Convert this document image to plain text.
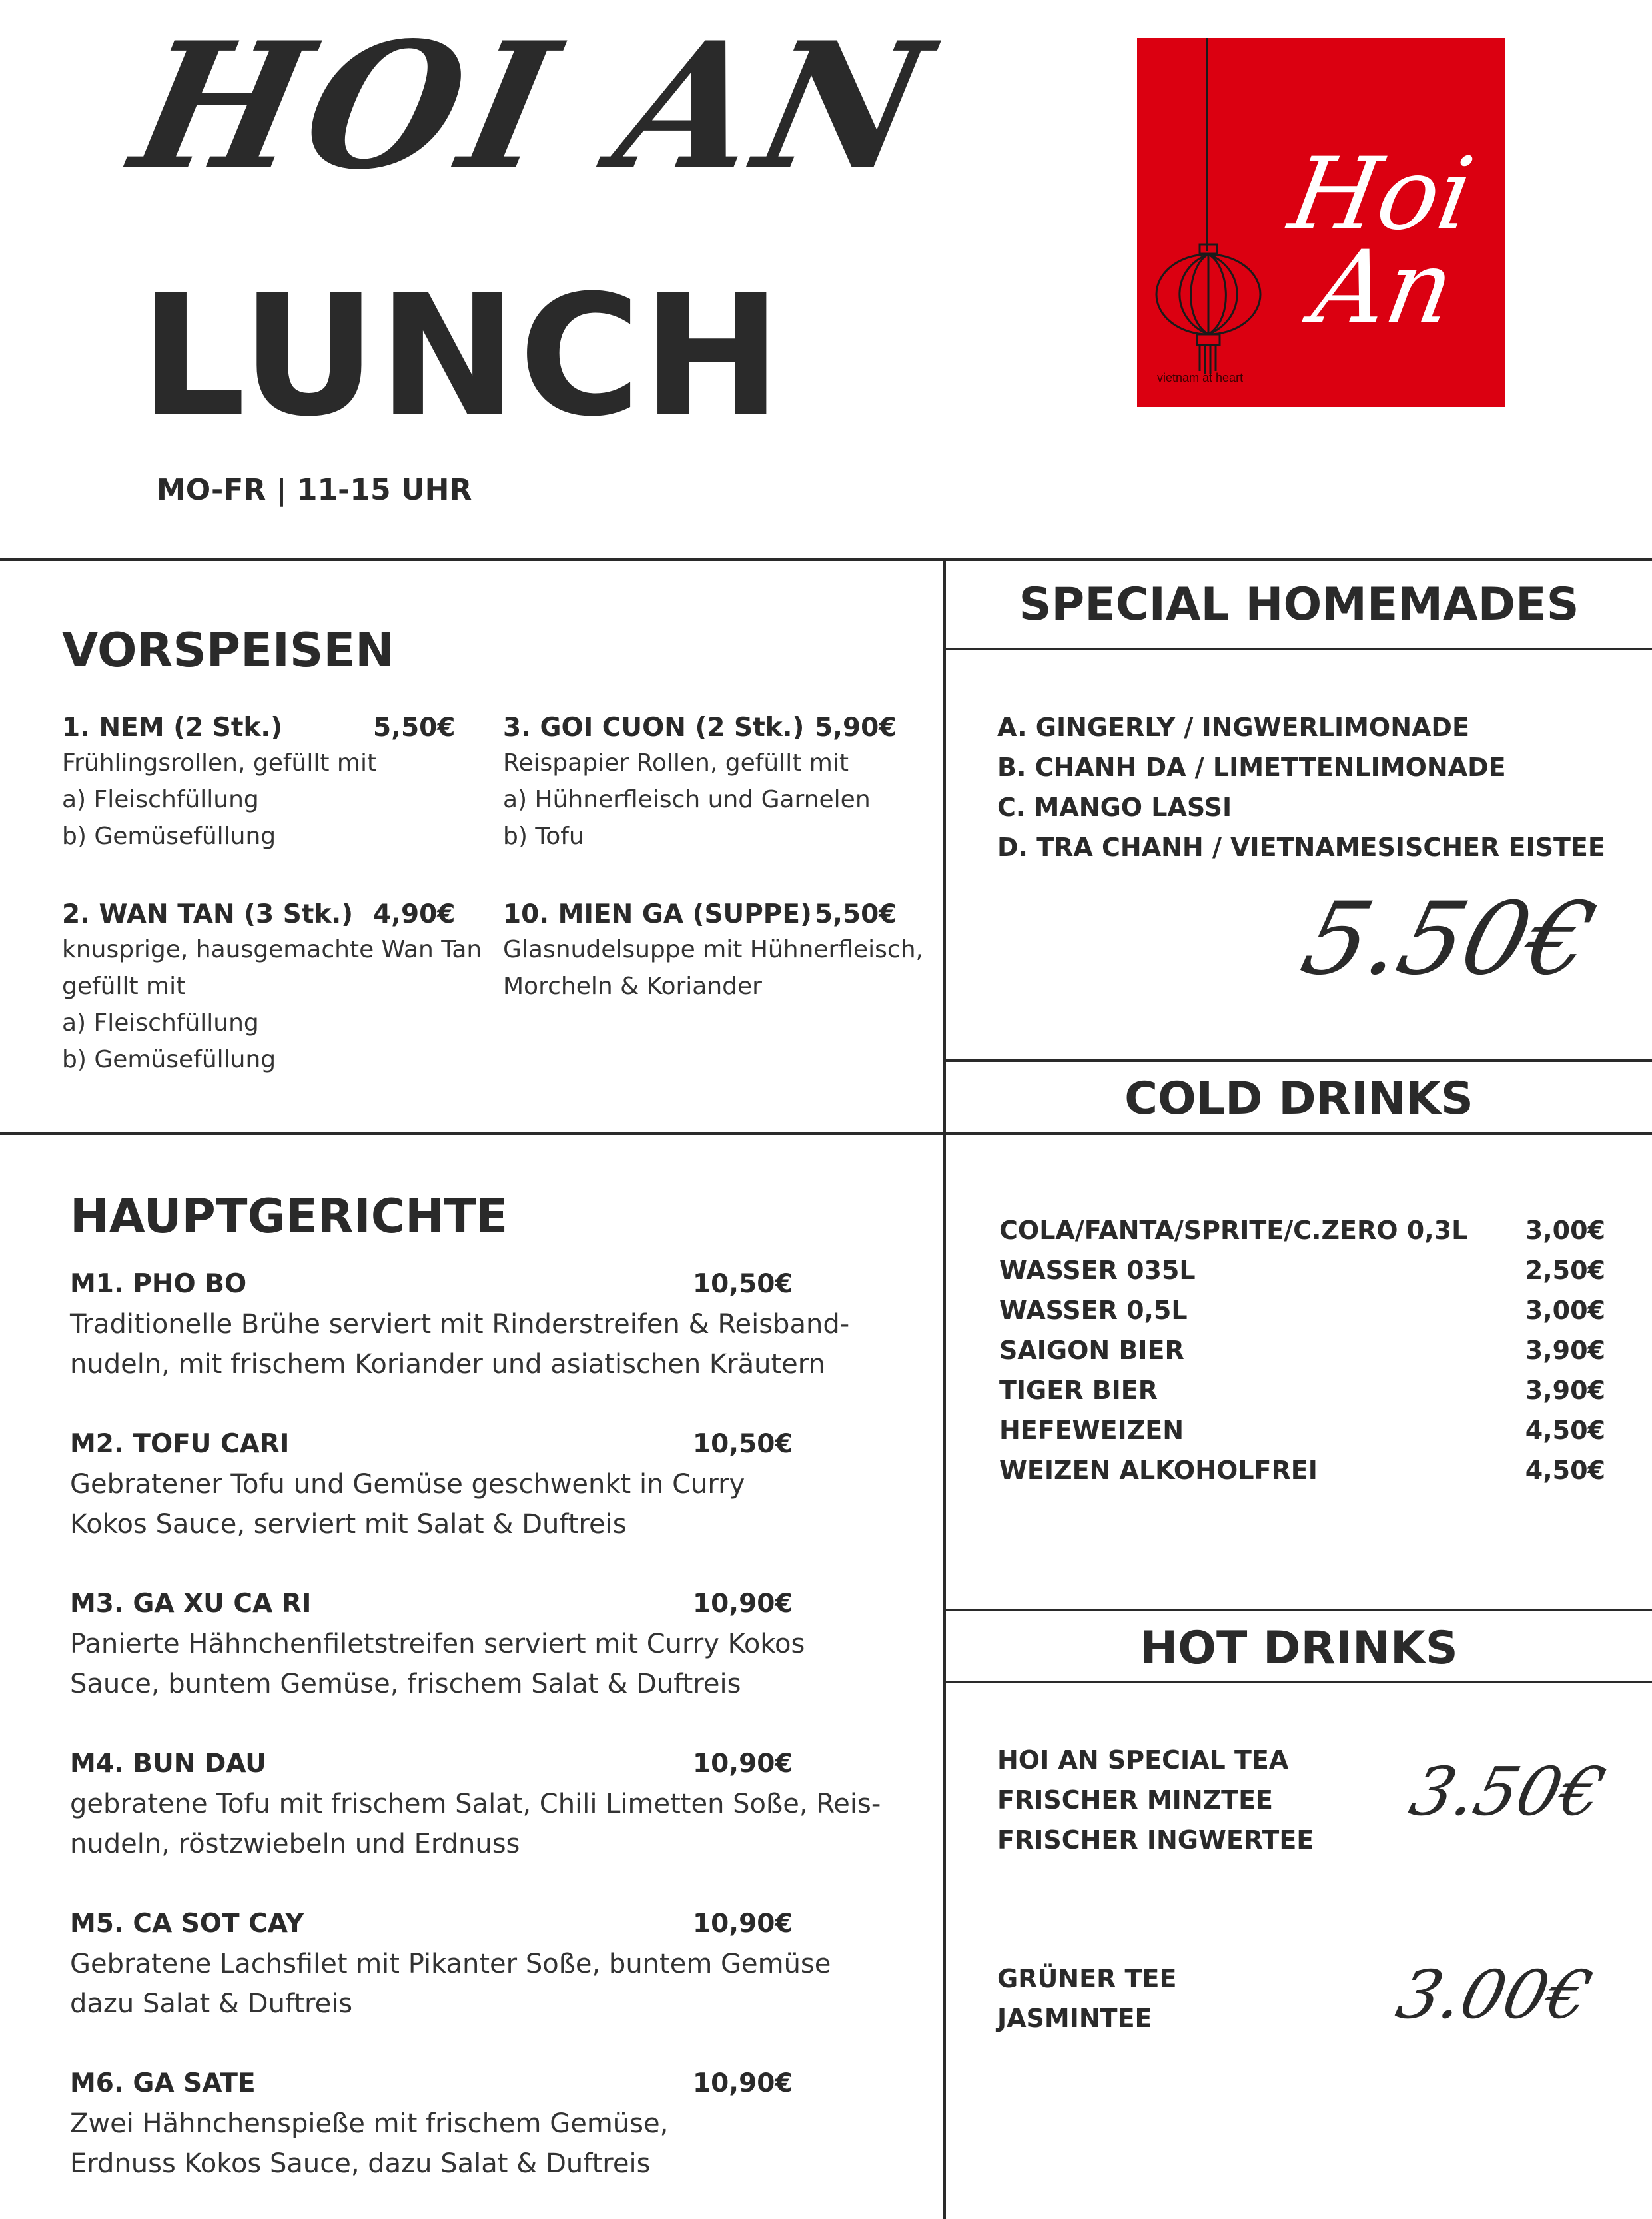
HOI AN
LUNCH
MO-FR | 11-15 UHR
Hoi
An
vietnam at heart
VORSPEISEN
1. NEM (2 Stk.)	5,50€
Frühlingsrollen, gefüllt mit
a) Fleischfüllung
b) Gemüsefüllung
3. GOI CUON (2 Stk.) 5,90€
Reispapier Rollen, gefüllt mit
a) Hühnerfleisch und Garnelen
b) Tofu
2. WAN TAN (3 Stk.) 4,90€
knusprige, hausgemachte Wan Tan
gefüllt mit
a) Fleischfüllung
b) Gemüsefüllung
10. MIEN GA (SUPPE) 5,50€
Glasnudelsuppe mit Hühnerfleisch,
Morcheln & Koriander
HAUPTGERICHTE
M1. PHO BO	10,50€
Traditionelle Brühe serviert mit Rinderstreifen & Reisband-
nudeln, mit frischem Koriander und asiatischen Kräutern
M2. TOFU CARI	10,50€
Gebratener Tofu und Gemüse geschwenkt in Curry
Kokos Sauce, serviert mit Salat & Duftreis
M3. GA XU CA RI	10,90€
Panierte Hähnchenfiletstreifen serviert mit Curry Kokos
Sauce, buntem Gemüse, frischem Salat & Duftreis
M4. BUN DAU	10,90€
gebratene Tofu mit frischem Salat, Chili Limetten Soße, Reis-
nudeln, röstzwiebeln und Erdnuss
M5. CA SOT CAY	10,90€
Gebratene Lachsfilet mit Pikanter Soße, buntem Gemüse
dazu Salat & Duftreis
M6. GA SATE	10,90€
Zwei Hähnchenspieße mit frischem Gemüse,
Erdnuss Kokos Sauce, dazu Salat & Duftreis
SPECIAL HOMEMADES
A. GINGERLY / INGWERLIMONADE
B. CHANH DA / LIMETTENLIMONADE
C. MANGO LASSI
D. TRA CHANH / VIETNAMESISCHER EISTEE
5.50€
COLD DRINKS
COLA/FANTA/SPRITE/C.ZERO 0,3L 3,00€
WASSER 035L	2,50€
WASSER 0,5L	3,00€
SAIGON BIER	3,90€
TIGER BIER	3,90€
HEFEWEIZEN	4,50€
WEIZEN ALKOHOLFREI	4,50€
HOT DRINKS
HOI AN SPECIAL TEA
FRISCHER MINZTEE
FRISCHER INGWERTEE
3.50€
GRÜNER TEE
JASMINTEE	3.00€
